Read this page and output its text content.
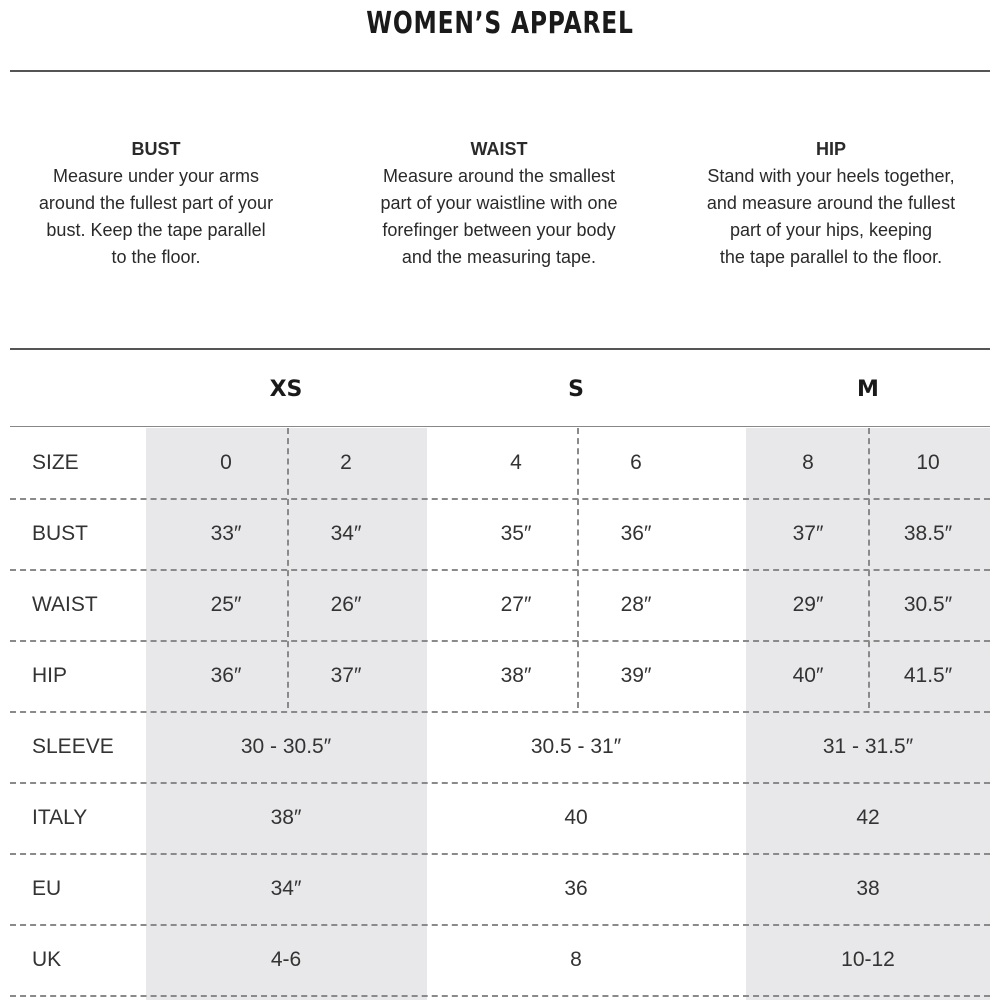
WOMEN’S APPAREL
BUST
Measure under your arms
around the fullest part of your
bust. Keep the tape parallel
to the floor.
WAIST
Measure around the smallest
part of your waistline with one
forefinger between your body
and the measuring tape.
HIP
Stand with your heels together,
and measure around the fullest
part of your hips, keeping
the tape parallel to the floor.
XS	S	M
SIZE	0	2	4	6	8	10
BUST	33″	34″	35″	36″	37″	38.5″
WAIST	25″	26″	27″	28″	29″	30.5″
HIP	36″	37″	38″	39″	40″	41.5″
SLEEVE	30 - 30.5″	30.5 - 31″	31 - 31.5″
ITALY	38″	40	42
EU	34″	36	38
UK	4-6	8	10-12
